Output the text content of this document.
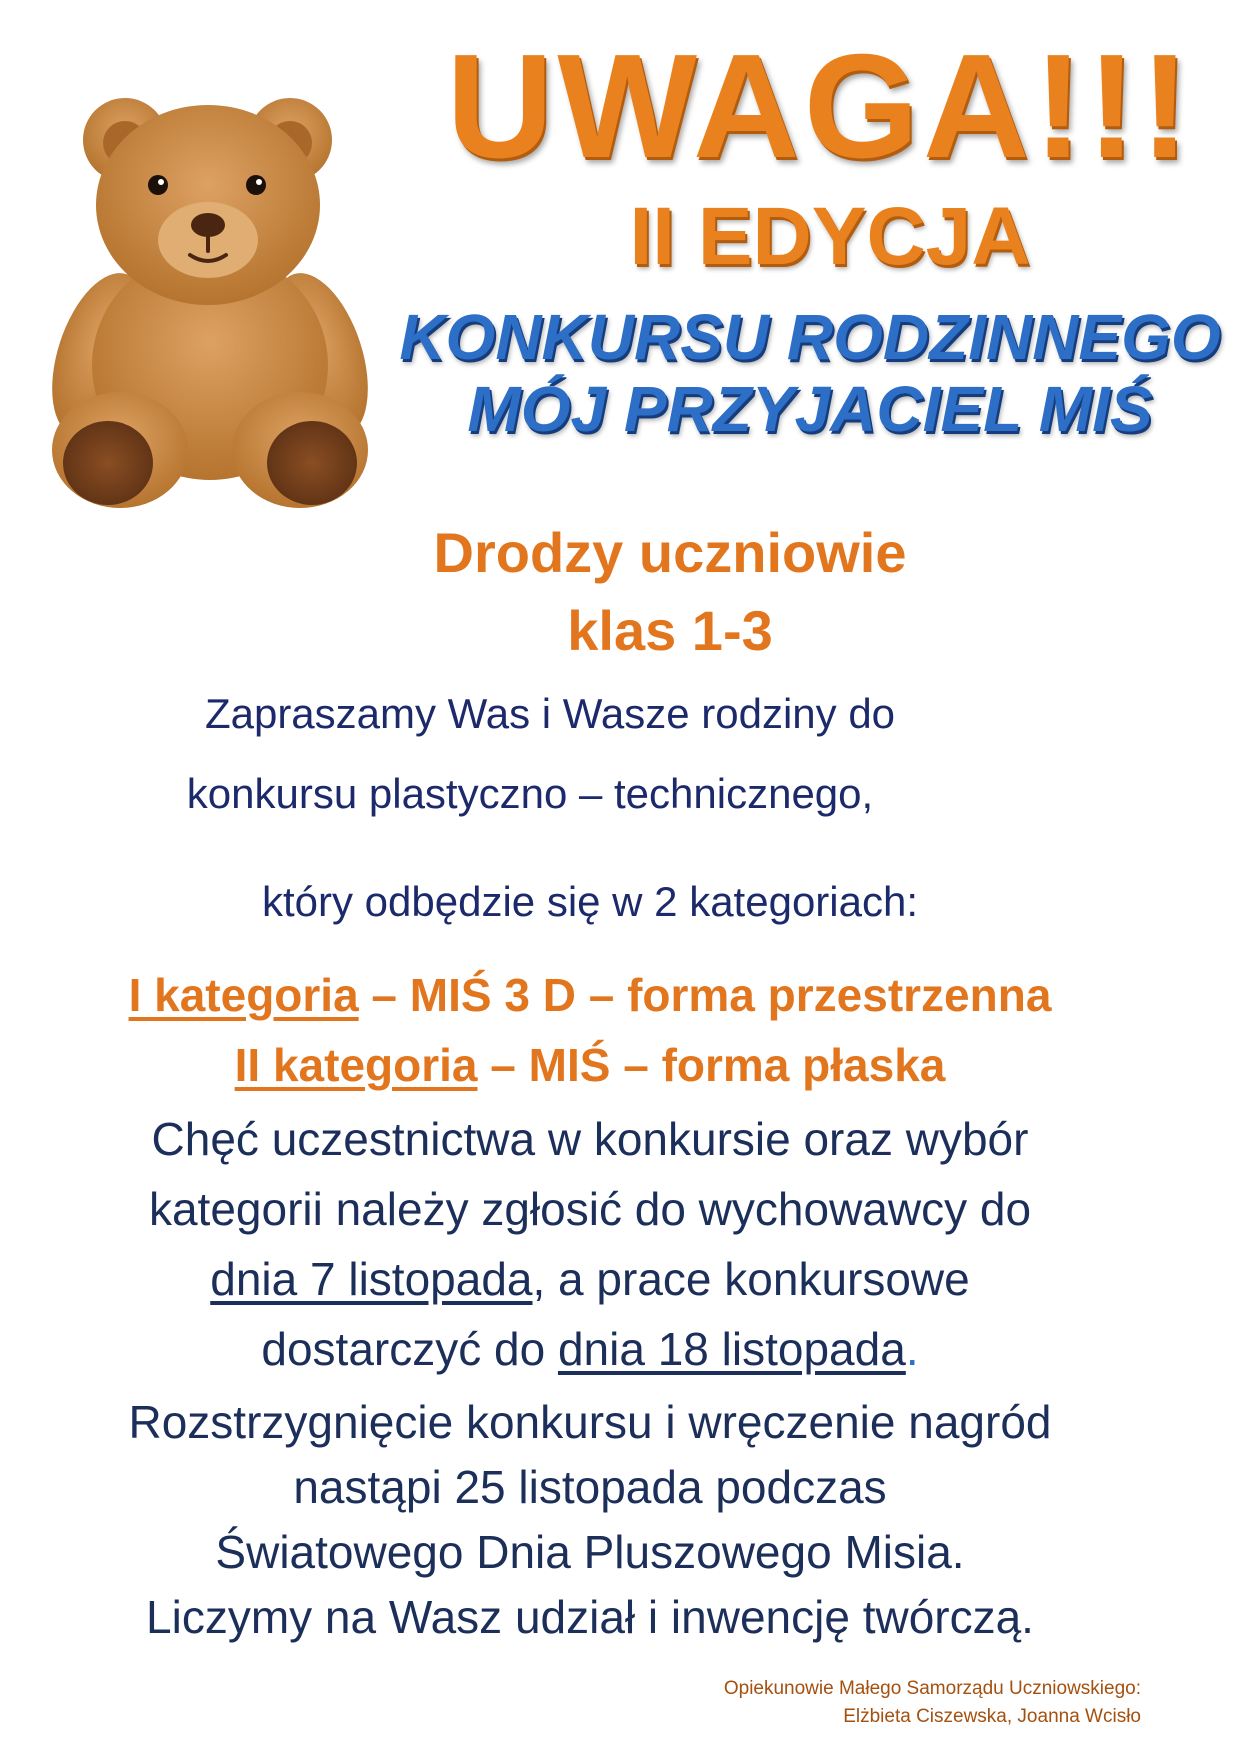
UWAGA!!!
II EDYCJA
KONKURSU RODZINNEGO
MÓJ PRZYJACIEL MIŚ
Drodzy uczniowie
klas 1-3
Zapraszamy Was i Wasze rodziny do
konkursu plastyczno – technicznego,
który odbędzie się w 2 kategoriach:
I kategoria – MIŚ 3 D – forma przestrzenna
II kategoria – MIŚ – forma płaska
Chęć uczestnictwa w konkursie oraz wybór
kategorii należy zgłosić do wychowawcy do
dnia 7 listopada, a prace konkursowe
dostarczyć do dnia 18 listopada.
Rozstrzygnięcie konkursu i wręczenie nagród
nastąpi 25 listopada podczas
Światowego Dnia Pluszowego Misia.
Liczymy na Wasz udział i inwencję twórczą.
Opiekunowie Małego Samorządu Uczniowskiego:
Elżbieta Ciszewska, Joanna Wcisło
